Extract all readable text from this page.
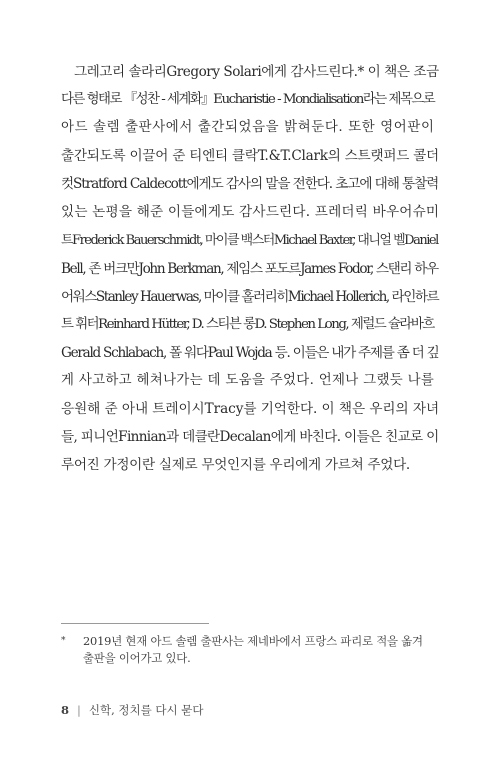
그레고리 솔라리Gregory Solari에게 감사드린다.* 이 책은 조금
다른 형태로 『성찬 - 세계화』Eucharistie - Mondialisation라는 제목으로
아드 솔렘 출판사에서 출간되었음을 밝혀둔다. 또한 영어판이
출간되도록 이끌어 준 티엔티 클락T.&T.Clark의 스트랫퍼드 콜더
컷Stratford Caldecott에게도 감사의 말을 전한다. 초고에 대해 통찰력
있는 논평을 해준 이들에게도 감사드린다. 프레더릭 바우어슈미
트Frederick Bauerschmidt, 마이클 백스터Michael Baxter, 대니얼 벨Daniel
Bell, 존 버크만John Berkman, 제임스 포도르James Fodor, 스탠리 하우
어워스Stanley Hauerwas, 마이클 홀러리히Michael Hollerich, 라인하르
트 휘터Reinhard Hütter, D. 스티븐 롱D. Stephen Long, 제럴드 슐라바흐
Gerald Schlabach, 폴 워다Paul Wojda 등. 이들은 내가 주제를 좀 더 깊
게 사고하고 헤쳐나가는 데 도움을 주었다. 언제나 그랬듯 나를
응원해 준 아내 트레이시Tracy를 기억한다. 이 책은 우리의 자녀
들, 피니언Finnian과 데클란Decalan에게 바친다. 이들은 친교로 이
루어진 가정이란 실제로 무엇인지를 우리에게 가르쳐 주었다.
* 2019년 현재 아드 솔렘 출판사는 제네바에서 프랑스 파리로 적을 옮겨
출판을 이어가고 있다.
8 | 신학, 정치를 다시 묻다
